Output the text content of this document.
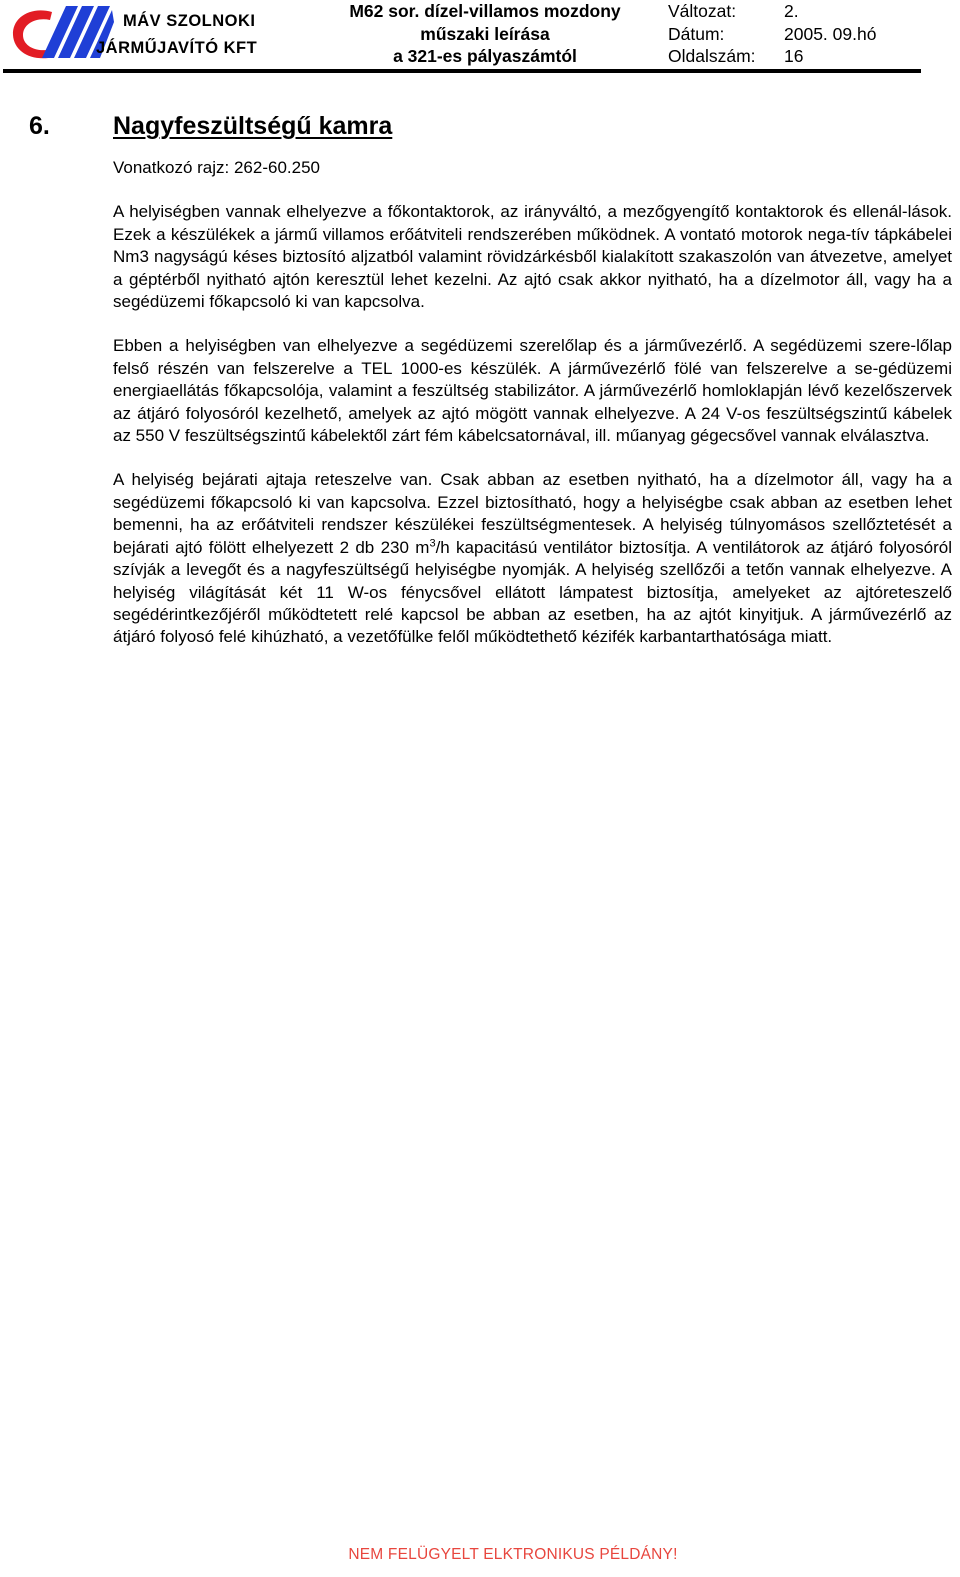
MÁV SZOLNOKI
JÁRMŰJAVÍTÓ KFT
M62 sor. dízel-villamos mozdony
műszaki leírása
a 321-es pályaszámtól
Változat:	2.
Dátum:	2005. 09.hó
Oldalszám:	16
6.	Nagyfeszültségű kamra

Vonatkozó rajz: 262-60.250

A helyiségben vannak elhelyezve a főkontaktorok, az irányváltó, a mezőgyengítő kontaktorok és ellenál-lások. Ezek a készülékek a jármű villamos erőátviteli rendszerében működnek. A vontató motorok nega-tív tápkábelei Nm3 nagyságú késes biztosító aljzatból valamint rövidzárkésből kialakított szakaszolón van átvezetve, amelyet a géptérből nyitható ajtón keresztül lehet kezelni. Az ajtó csak akkor nyitható, ha a dízelmotor áll, vagy ha a segédüzemi főkapcsoló ki van kapcsolva.

Ebben a helyiségben van elhelyezve a segédüzemi szerelőlap és a járművezérlő. A segédüzemi szere-lőlap felső részén van felszerelve a TEL 1000-es készülék. A járművezérlő fölé van felszerelve a se-gédüzemi energiaellátás főkapcsolója, valamint a feszültség stabilizátor. A járművezérlő homloklapján lévő kezelőszervek az átjáró folyosóról kezelhető, amelyek az ajtó mögött vannak elhelyezve. A 24 V-os feszültségszintű kábelek az 550 V feszültségszintű kábelektől zárt fém kábelcsatornával, ill. műanyag gégecsővel vannak elválasztva.

A helyiség bejárati ajtaja reteszelve van. Csak abban az esetben nyitható, ha a dízelmotor áll, vagy ha a segédüzemi főkapcsoló ki van kapcsolva. Ezzel biztosítható, hogy a helyiségbe csak abban az esetben lehet bemenni, ha az erőátviteli rendszer készülékei feszültségmentesek. A helyiség túlnyomásos szellőztetését a bejárati ajtó fölött elhelyezett 2 db 230 $m^3/h$ kapacitású ventilátor biztosítja. A ventilátorok az átjáró folyosóról szívják a levegőt és a nagyfeszültségű helyiségbe nyomják. A helyiség szellőzői a tetőn vannak elhelyezve. A helyiség világítását két 11 W-os fénycsővel ellátott lámpatest biztosítja, amelyeket az ajtóreteszelő segédérintkezőjéről működtetett relé kapcsol be abban az esetben, ha az ajtót kinyitjuk. A járművezérlő az átjáró folyosó felé kihúzható, a vezetőfülke felől működtethető kézifék karbantarthatósága miatt.

NEM FELÜGYELT ELKTRONIKUS PÉLDÁNY!
